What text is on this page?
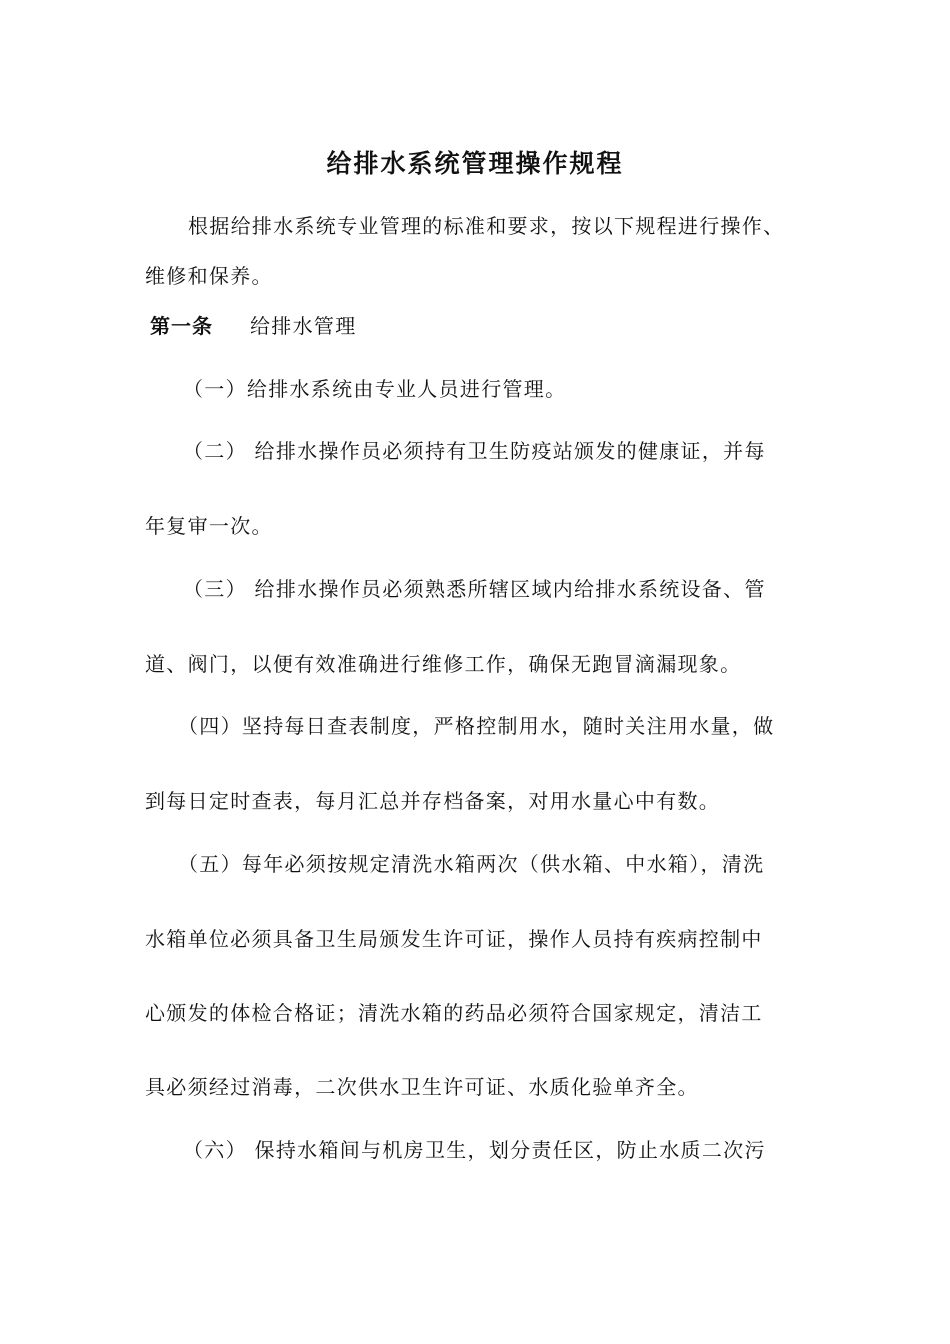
给排水系统管理操作规程
根据给排水系统专业管理的标准和要求，按以下规程进行操作、
维修和保养。
第一条 给排水管理
（一）给排水系统由专业人员进行管理。
（二） 给排水操作员必须持有卫生防疫站颁发的健康证，并每
年复审一次。
（三） 给排水操作员必须熟悉所辖区域内给排水系统设备、管
道、阀门，以便有效准确进行维修工作，确保无跑冒滴漏现象。
（四）坚持每日查表制度，严格控制用水，随时关注用水量，做
到每日定时查表，每月汇总并存档备案，对用水量心中有数。
（五）每年必须按规定清洗水箱两次（供水箱、中水箱），清洗
水箱单位必须具备卫生局颁发生许可证，操作人员持有疾病控制中
心颁发的体检合格证；清洗水箱的药品必须符合国家规定，清洁工
具必须经过消毒，二次供水卫生许可证、水质化验单齐全。
（六） 保持水箱间与机房卫生，划分责任区，防止水质二次污
